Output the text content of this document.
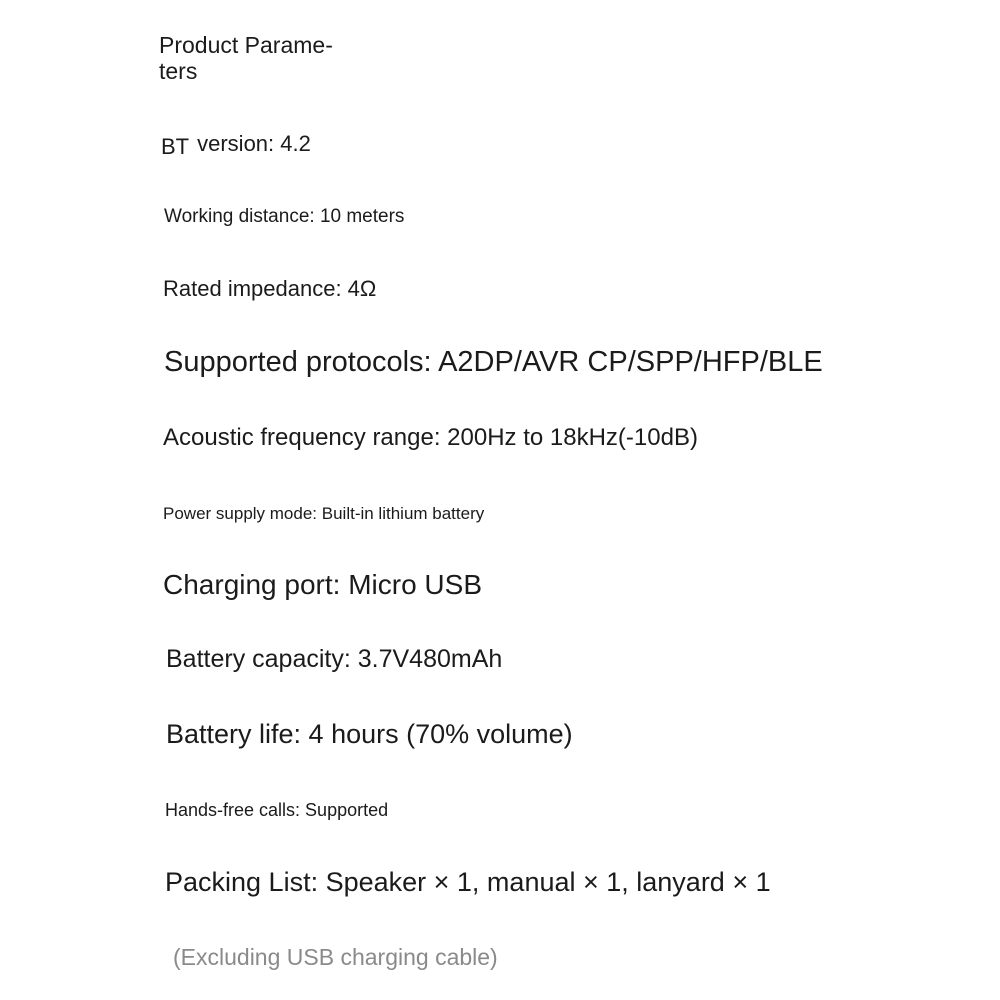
Product Parame-
ters
BT version: 4.2
Working distance: 10 meters
Rated impedance: 4Ω
Supported protocols: A2DP/AVR CP/SPP/HFP/BLE
Acoustic frequency range: 200Hz to 18kHz(-10dB)
Power supply mode: Built-in lithium battery
Charging port: Micro USB
Battery capacity: 3.7V480mAh
Battery life: 4 hours (70% volume)
Hands-free calls: Supported
Packing List: Speaker × 1, manual × 1, lanyard × 1
(Excluding USB charging cable)
